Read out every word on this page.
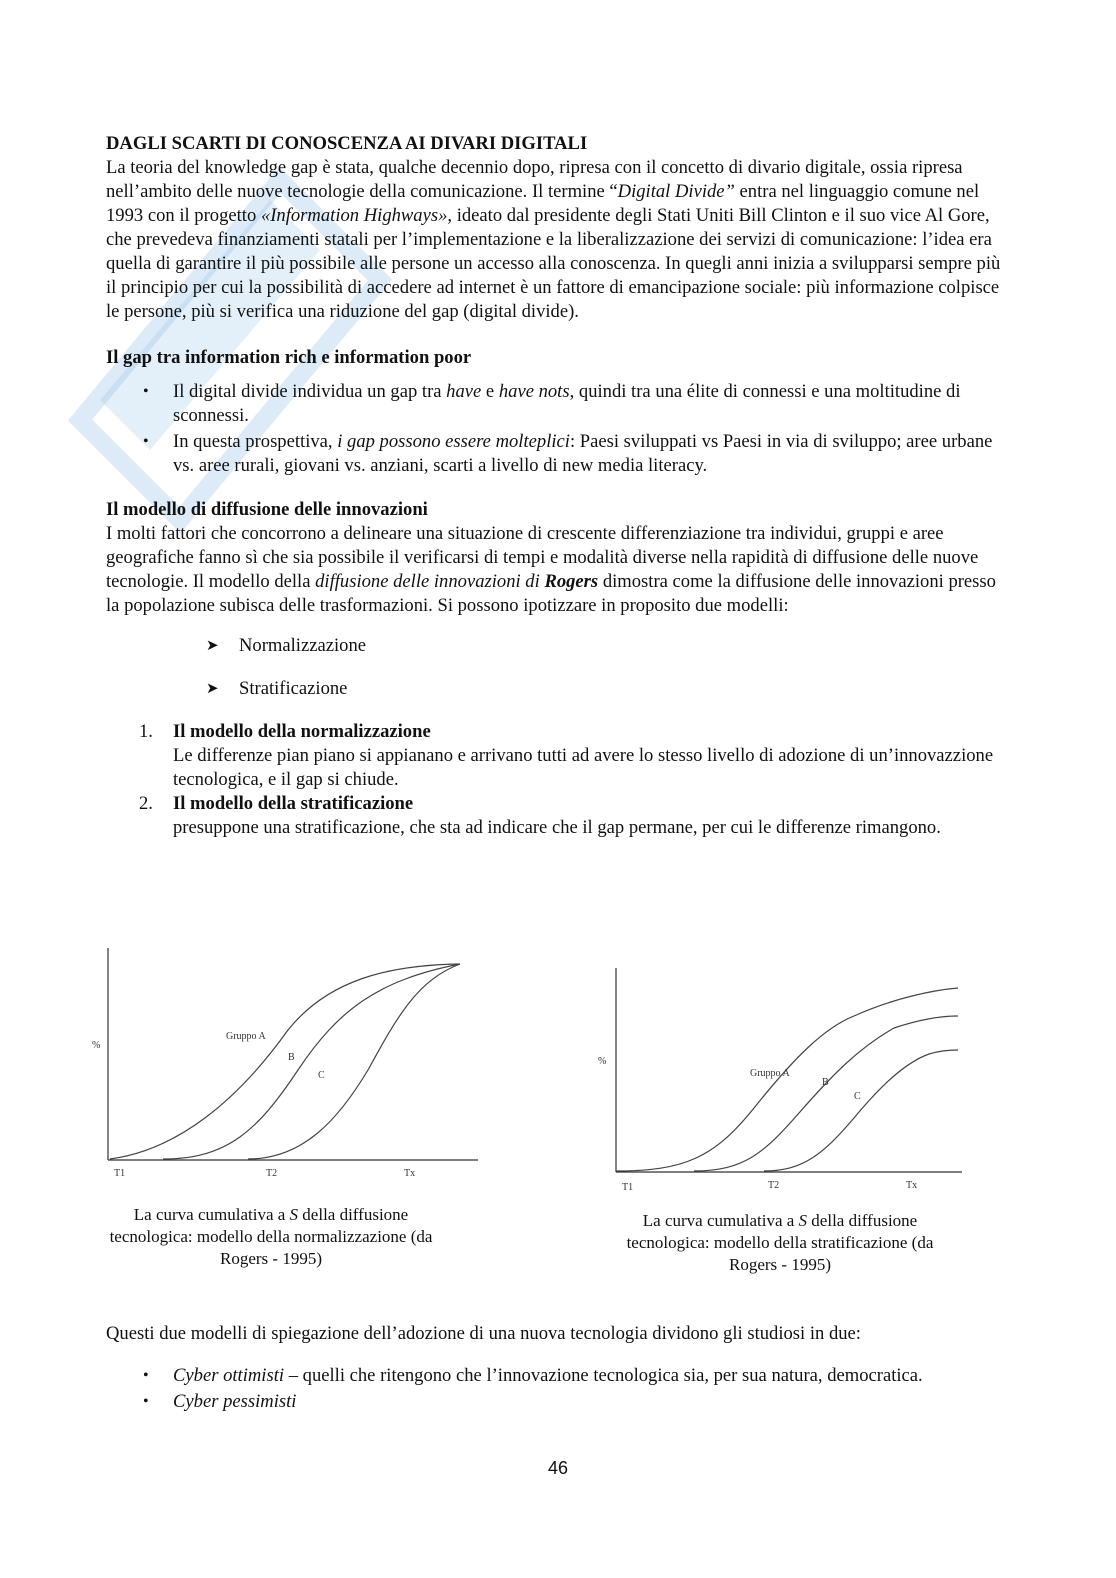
DAGLI SCARTI DI CONOSCENZA AI DIVARI DIGITALI

La teoria del knowledge gap è stata, qualche decennio dopo, ripresa con il concetto di divario digitale, ossia ripresa nell’ambito delle nuove tecnologie della comunicazione. Il termine “Digital Divide” entra nel linguaggio comune nel 1993 con il progetto «Information Highways», ideato dal presidente degli Stati Uniti Bill Clinton e il suo vice Al Gore, che prevedeva finanziamenti statali per l’implementazione e la liberalizzazione dei servizi di comunicazione: l’idea era quella di garantire il più possibile alle persone un accesso alla conoscenza. In quegli anni inizia a svilupparsi sempre più il principio per cui la possibilità di accedere ad internet è un fattore di emancipazione sociale: più informazione colpisce le persone, più si verifica una riduzione del gap (digital divide).

Il gap tra information rich e information poor
• Il digital divide individua un gap tra have e have nots, quindi tra una élite di connessi e una moltitudine di sconnessi.
• In questa prospettiva, i gap possono essere molteplici: Paesi sviluppati vs Paesi in via di sviluppo; aree urbane vs. aree rurali, giovani vs. anziani, scarti a livello di new media literacy.
Il modello di diffusione delle innovazioni

I molti fattori che concorrono a delineare una situazione di crescente differenziazione tra individui, gruppi e aree geografiche fanno sì che sia possibile il verificarsi di tempi e modalità diverse nella rapidità di diffusione delle nuove tecnologie. Il modello della diffusione delle innovazioni di Rogers dimostra come la diffusione delle innovazioni presso la popolazione subisca delle trasformazioni. Si possono ipotizzare in proposito due modelli:

➤ Normalizzazione
➤ Stratificazione
1. Il modello della normalizzazione
Le differenze pian piano si appianano e arrivano tutti ad avere lo stesso livello di adozione di un’innovazzione tecnologica, e il gap si chiude.
2. Il modello della stratificazione
presuppone una stratificazione, che sta ad indicare che il gap permane, per cui le differenze rimangono.
%
T1	T2	Tx
Gruppo A
B
C
La curva cumulativa a S della diffusione tecnologica: modello della normalizzazione (da Rogers - 1995)
%
T1	T2	Tx
Gruppo A
B
C
La curva cumulativa a S della diffusione tecnologica: modello della stratificazione (da Rogers - 1995)

Questi due modelli di spiegazione dell’adozione di una nuova tecnologia dividono gli studiosi in due:

• Cyber ottimisti – quelli che ritengono che l’innovazione tecnologica sia, per sua natura, democratica.
• Cyber pessimisti
46
